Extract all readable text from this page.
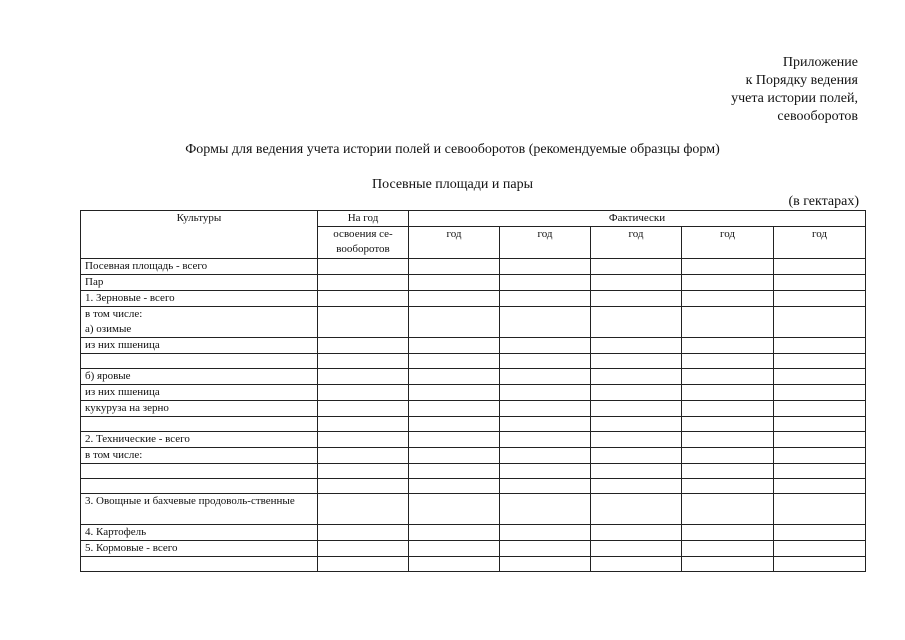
Приложение
к Порядку ведения
учета истории полей,
севооборотов
Формы для ведения учета истории полей и севооборотов (рекомендуемые образцы форм)
Посевные площади и пары
(в гектарах)
Культуры	На год	Фактически				
	освоения се-вооборотов	год	год	год	год	год
Посевная площадь - всего						
Пар						
1. Зерновые - всего						
в том числе:
а) озимые						
из них пшеница						

б) яровые						
из них пшеница						
кукуруза на зерно						

2. Технические - всего						
в том числе:						

3. Овощные и бахчевые продоволь-ственные						
4. Картофель						
5. Кормовые - всего						
